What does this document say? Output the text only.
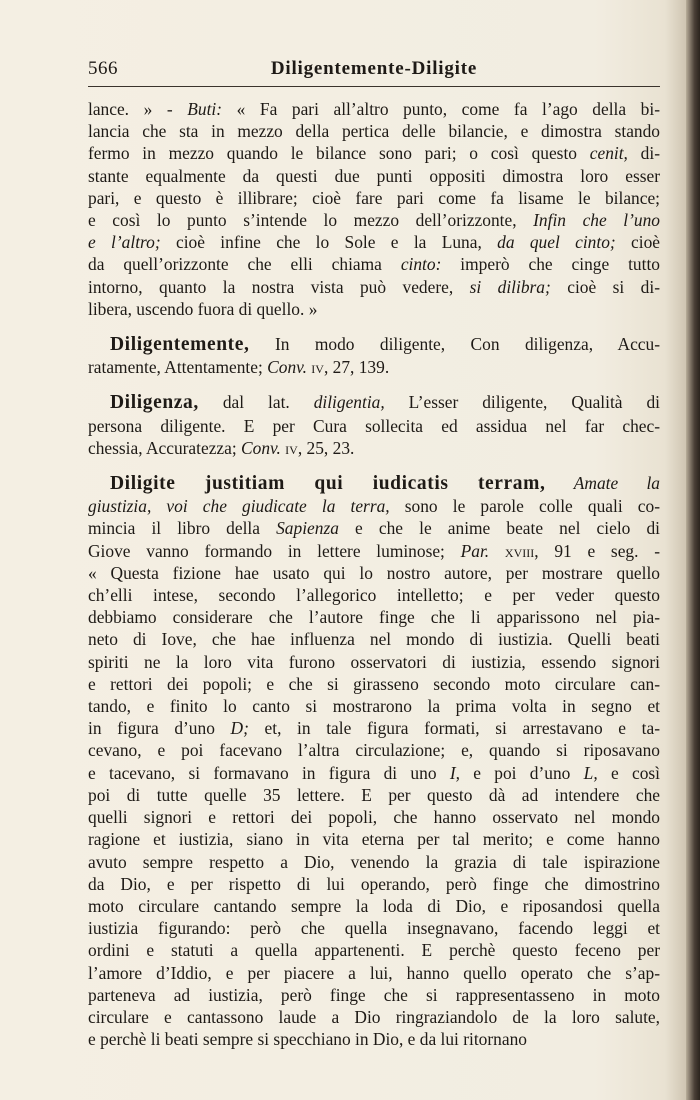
566	Diligentemente-Diligite
lance. » - Buti: « Fa pari all’altro punto, come fa l’ago della bi-
lancia che sta in mezzo della pertica delle bilancie, e dimostra stando
fermo in mezzo quando le bilance sono pari; o così questo cenit, di-
stante equalmente da questi due punti oppositi dimostra loro esser
pari, e questo è illibrare; cioè fare pari come fa lisame le bilance;
e così lo punto s’intende lo mezzo dell’orizzonte, Infin che l’uno
e l’altro; cioè infine che lo Sole e la Luna, da quel cinto; cioè
da quell’orizzonte che elli chiama cinto: imperò che cinge tutto
intorno, quanto la nostra vista può vedere, si dilibra; cioè si di-
libera, uscendo fuora di quello. »
Diligentemente, In modo diligente, Con diligenza, Accu-
ratamente, Attentamente; Conv. iv, 27, 139.
Diligenza, dal lat. diligentia, L’esser diligente, Qualità di
persona diligente. E per Cura sollecita ed assidua nel far chec-
chessia, Accuratezza; Conv. iv, 25, 23.
Diligite justitiam qui iudicatis terram, Amate la
giustizia, voi che giudicate la terra, sono le parole colle quali co-
mincia il libro della Sapienza e che le anime beate nel cielo di
Giove vanno formando in lettere luminose; Par. xviii, 91 e seg. -
« Questa fizione hae usato qui lo nostro autore, per mostrare quello
ch’elli intese, secondo l’allegorico intelletto; e per veder questo
debbiamo considerare che l’autore finge che li apparissono nel pia-
neto di Iove, che hae influenza nel mondo di iustizia. Quelli beati
spiriti ne la loro vita furono osservatori di iustizia, essendo signori
e rettori dei popoli; e che si girasseno secondo moto circulare can-
tando, e finito lo canto si mostrarono la prima volta in segno et
in figura d’uno D; et, in tale figura formati, si arrestavano e ta-
cevano, e poi facevano l’altra circulazione; e, quando si riposavano
e tacevano, si formavano in figura di uno I, e poi d’uno L, e così
poi di tutte quelle 35 lettere. E per questo dà ad intendere che
quelli signori e rettori dei popoli, che hanno osservato nel mondo
ragione et iustizia, siano in vita eterna per tal merito; e come hanno
avuto sempre respetto a Dio, venendo la grazia di tale ispirazione
da Dio, e per rispetto di lui operando, però finge che dimostrino
moto circulare cantando sempre la loda di Dio, e riposandosi quella
iustizia figurando: però che quella insegnavano, facendo leggi et
ordini e statuti a quella appartenenti. E perchè questo feceno per
l’amore d’Iddio, e per piacere a lui, hanno quello operato che s’ap-
parteneva ad iustizia, però finge che si rappresentasseno in moto
circulare e cantassono laude a Dio ringraziandolo de la loro salute,
e perchè li beati sempre si specchiano in Dio, e da lui ritornano
